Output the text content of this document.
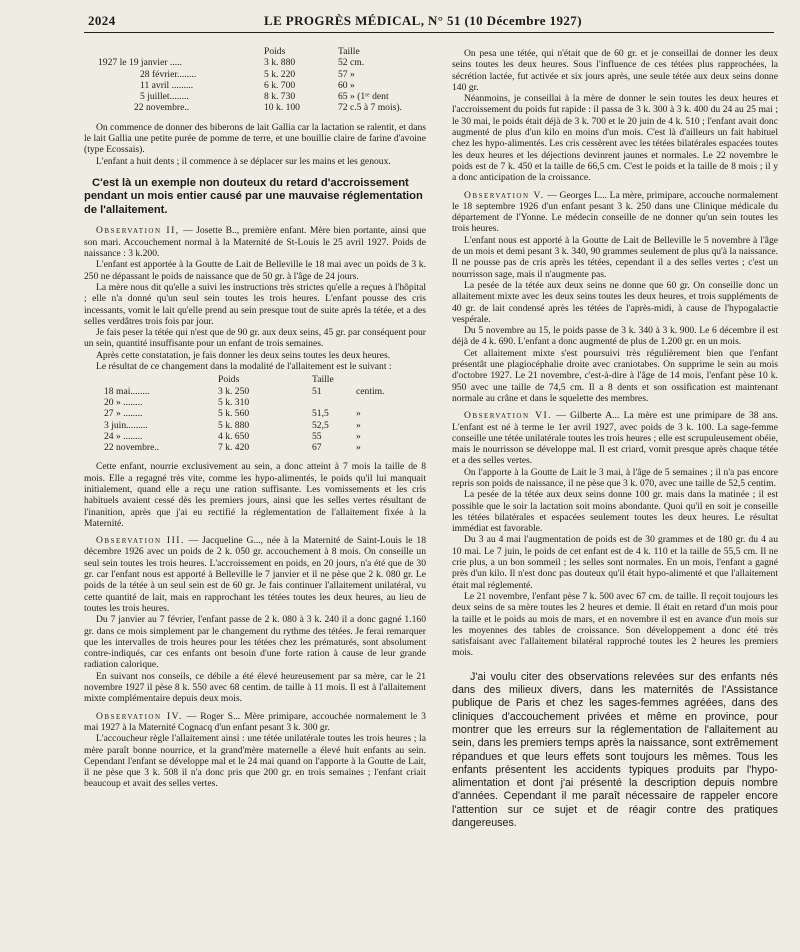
2024	LE PROGRÈS MÉDICAL, N° 51 (10 Décembre 1927)
	Poids	Taille
1927 le 19 janvier .....	3 k. 880	52 cm.
28 février........	5 k. 220	57 »
11 avril .........	6 k. 700	60 »
5 juillet........	8 k. 730	65 » (1ʳᵉ dent
22 novembre..	10 k. 100	72 c.5 à 7 mois).

On commence de donner des biberons de lait Gallia car la lactation se ralentit, et dans le lait Gallia une petite purée de pomme de terre, et une bouillie claire de farine d'avoine (type Ecossais).

L'enfant a huit dents ; il commence à se déplacer sur les mains et les genoux.

C'est là un exemple non douteux du retard d'accroissement pendant un mois entier causé par une mauvaise réglementation de l'allaitement.

Observation II, — Josette B.., première enfant. Mère bien portante, ainsi que son mari. Accouchement normal à la Maternité de St-Louis le 25 avril 1927. Poids de naissance : 3 k.200.

L'enfant est apportée à la Goutte de Lait de Belleville le 18 mai avec un poids de 3 k. 250 ne dépassant le poids de naissance que de 50 gr. à l'âge de 24 jours.

La mère nous dit qu'elle a suivi les instructions très strictes qu'elle a reçues à l'hôpital ; elle n'a donné qu'un seul sein toutes les trois heures. L'enfant pousse des cris incessants, vomit le lait qu'elle prend au sein presque tout de suite après la tétée, et a des selles verdâtres trois fois par jour.

Je fais peser la tétée qui n'est que de 90 gr. aux deux seins, 45 gr. par conséquent pour un sein, quantité insuffisante pour un enfant de trois semaines.

Après cette constatation, je fais donner les deux seins toutes les deux heures.

Le résultat de ce changement dans la modalité de l'allaitement est le suivant :

	Poids	Taille	
18 mai........	3 k. 250	51	centim.
20 » ........	5 k. 310		
27 » ........	5 k. 560	51,5	»
3 juin.........	5 k. 880	52,5	»
24 » ........	4 k. 650	55	»
22 novembre..	7 k. 420	67	»

Cette enfant, nourrie exclusivement au sein, a donc atteint à 7 mois la taille de 8 mois. Elle a regagné très vite, comme les hypo-alimentés, le poids qu'il lui manquait initialement, quand elle a reçu une ration suffisante. Les vomissements et les cris habituels avaient cessé dès les premiers jours, ainsi que les selles vertes résultant de l'inanition, après que j'ai eu rectifié la réglementation de l'allaitement fixée à la Maternité.

Observation III. — Jacqueline G..., née à la Maternité de Saint-Louis le 18 décembre 1926 avec un poids de 2 k. 050 gr. accouchement à 8 mois. On conseille un seul sein toutes les trois heures. L'accroissement en poids, en 20 jours, n'a été que de 30 gr. car l'enfant nous est apporté à Belleville le 7 janvier et il ne pèse que 2 k. 080 gr. Le poids de la tétée à un seul sein est de 60 gr. Je fais continuer l'allaitement unilatéral, vu cette quantité de lait, mais en rapprochant les tétées toutes les deux heures, au lieu de toutes les trois heures.

Du 7 janvier au 7 février, l'enfant passe de 2 k. 080 à 3 k. 240 il a donc gagné 1.160 gr. dans ce mois simplement par le changement du rythme des tétées. Je ferai remarquer que les intervalles de trois heures pour les tétées chez les prématurés, sont absolument contre-indiqués, car ces enfants ont besoin d'une forte ration à cause de leur grande radiation calorique.

En suivant nos conseils, ce débile a été élevé heureusement par sa mère, car le 21 novembre 1927 il pèse 8 k. 550 avec 68 centim. de taille à 11 mois. Il est à l'allaitement mixte complémentaire depuis deux mois.

Observation IV. — Roger S... Mère primipare, accouchée normalement le 3 mai 1927 à la Maternité Cognacq d'un enfant pesant 3 k. 300 gr.

L'accoucheur règle l'allaitement ainsi : une tétée unilatérale toutes les trois heures ; la mère paraît bonne nourrice, et la grand'mère maternelle a élevé huit enfants au sein. Cependant l'enfant se développe mal et le 24 mai quand on l'apporte à la Goutte de Lait, il ne pèse que 3 k. 508 il n'a donc pris que 200 gr. en trois semaines ; l'enfant criait beaucoup et avait des selles vertes.

On pesa une tétée, qui n'était que de 60 gr. et je conseillai de donner les deux seins toutes les deux heures. Sous l'influence de ces tétées plus rapprochées, la sécrétion lactée, fut activée et six jours après, une seule tétée aux deux seins donne 140 gr.

Néanmoins, je conseillai à la mère de donner le sein toutes les deux heures et l'accroissement du poids fut rapide : il passa de 3 k. 300 à 3 k. 400 du 24 au 25 mai ; le 30 mai, le poids était déjà de 3 k. 700 et le 20 juin de 4 k. 510 ; l'enfant avait donc augmenté de plus d'un kilo en moins d'un mois. C'est là d'ailleurs un fait habituel chez les hypo-alimentés. Les cris cessèrent avec les tétées bilatérales espacées toutes les deux heures et les déjections devinrent jaunes et normales. Le 22 novembre le poids est de 7 k. 450 et la taille de 66,5 cm. C'est le poids et la taille de 8 mois ; il y a donc anticipation de la croissance.

Observation V. — Georges L... La mère, primipare, accouche normalement le 18 septembre 1926 d'un enfant pesant 3 k. 250 dans une Clinique médicale du département de l'Yonne. Le médecin conseille de ne donner qu'un sein toutes les trois heures.

L'enfant nous est apporté à la Goutte de Lait de Belleville le 5 novembre à l'âge de un mois et demi pesant 3 k. 340, 90 grammes seulement de plus qu'à la naissance. Il ne pousse pas de cris après les tétées, cependant il a des selles vertes ; c'est un nourrisson sage, mais il n'augmente pas.

La pesée de la tétée aux deux seins ne donne que 60 gr. On conseille donc un allaitement mixte avec les deux seins toutes les deux heures, et trois suppléments de 40 gr. de lait condensé après les tétées de l'après-midi, à cause de l'hypogalactie vespérale.

Du 5 novembre au 15, le poids passe de 3 k. 340 à 3 k. 900. Le 6 décembre il est déjà de 4 k. 690. L'enfant a donc augmenté de plus de 1.200 gr. en un mois.

Cet allaitement mixte s'est poursuivi très régulièrement bien que l'enfant présentât une plagiocéphalie droite avec craniotabes. On supprime le sein au mois d'octobre 1927. Le 21 novembre, c'est-à-dire à l'âge de 14 mois, l'enfant pèse 10 k. 950 avec une taille de 74,5 cm. Il a 8 dents et son ossification est maintenant normale au crâne et dans le squelette des membres.

Observation VI. — Gilberte A... La mère est une primipare de 38 ans. L'enfant est né à terme le 1er avril 1927, avec poids de 3 k. 100. La sage-femme conseille une tétée unilatérale toutes les trois heures ; elle est scrupuleusement obéie, mais le nourrisson se développe mal. Il est criard, vomit presque après chaque tétée et a des selles vertes.

On l'apporte à la Goutte de Lait le 3 mai, à l'âge de 5 semaines ; il n'a pas encore repris son poids de naissance, il ne pèse que 3 k. 070, avec une taille de 52,5 centim.

La pesée de la tétée aux deux seins donne 100 gr. mais dans la matinée ; il est possible que le soir la lactation soit moins abondante. Quoi qu'il en soit je conseille les tétées bilatérales et espacées seulement toutes les deux heures. Le résultat immédiat est favorable.

Du 3 au 4 mai l'augmentation de poids est de 30 grammes et de 180 gr. du 4 au 10 mai. Le 7 juin, le poids de cet enfant est de 4 k. 110 et la taille de 55,5 cm. Il ne crie plus, a un bon sommeil ; les selles sont normales. En un mois, l'enfant a gagné près d'un kilo. Il n'est donc pas douteux qu'il était hypo-alimenté et que l'allaitement était mal réglementé.

Le 21 novembre, l'enfant pèse 7 k. 500 avec 67 cm. de taille. Il reçoit toujours les deux seins de sa mère toutes les 2 heures et demie. Il était en retard d'un mois pour la taille et le poids au mois de mars, et en novembre il est en avance d'un mois sur les moyennes des tables de croissance. Son développement a donc été très satisfaisant avec l'allaitement bilatéral rapproché toutes les 2 heures les premiers mois.

J'ai voulu citer des observations relevées sur des enfants nés dans des milieux divers, dans les maternités de l'Assistance publique de Paris et chez les sages-femmes agréées, dans des cliniques d'accouchement privées et même en province, pour montrer que les erreurs sur la réglementation de l'allaitement au sein, dans les premiers temps après la naissance, sont extrêmement répandues et que leurs effets sont toujours les mêmes. Tous les enfants présentent les accidents typiques produits par l'hypo-alimentation et dont j'ai présenté la description depuis nombre d'années. Cependant il me paraît nécessaire de rappeler encore l'attention sur ce sujet et de réagir contre des pratiques dangereuses.
